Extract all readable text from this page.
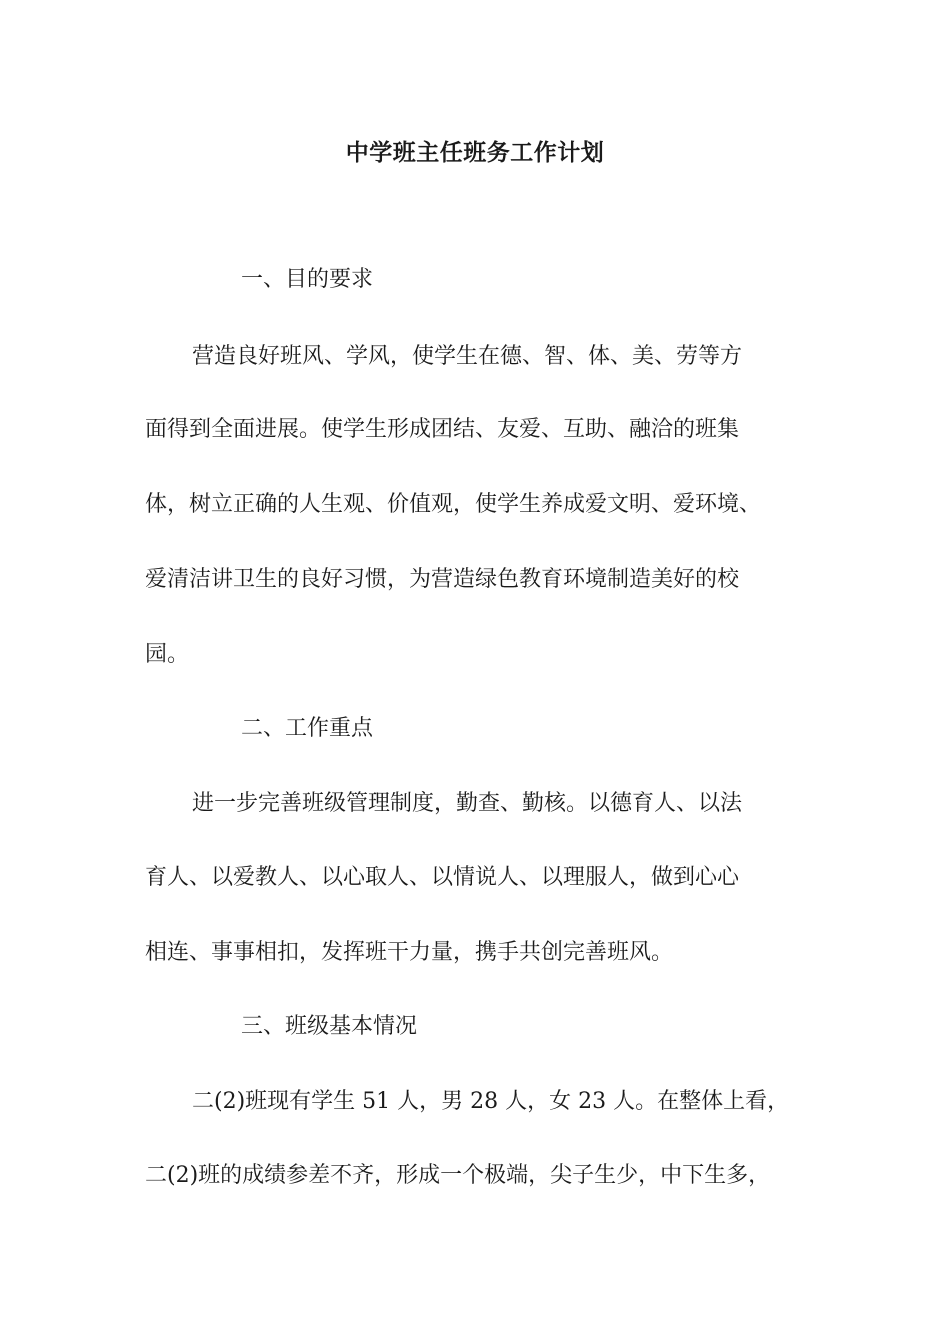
中学班主任班务工作计划
一、目的要求
营造良好班风、学风，使学生在德、智、体、美、劳等方
面得到全面进展。使学生形成团结、友爱、互助、融洽的班集
体，树立正确的人生观、价值观，使学生养成爱文明、爱环境、
爱清洁讲卫生的良好习惯，为营造绿色教育环境制造美好的校
园。
二、工作重点
进一步完善班级管理制度，勤查、勤核。以德育人、以法
育人、以爱教人、以心取人、以情说人、以理服人，做到心心
相连、事事相扣，发挥班干力量，携手共创完善班风。
三、班级基本情况
二(2)班现有学生 51 人，男 28 人，女 23 人。在整体上看，
二(2)班的成绩参差不齐，形成一个极端，尖子生少，中下生多，
